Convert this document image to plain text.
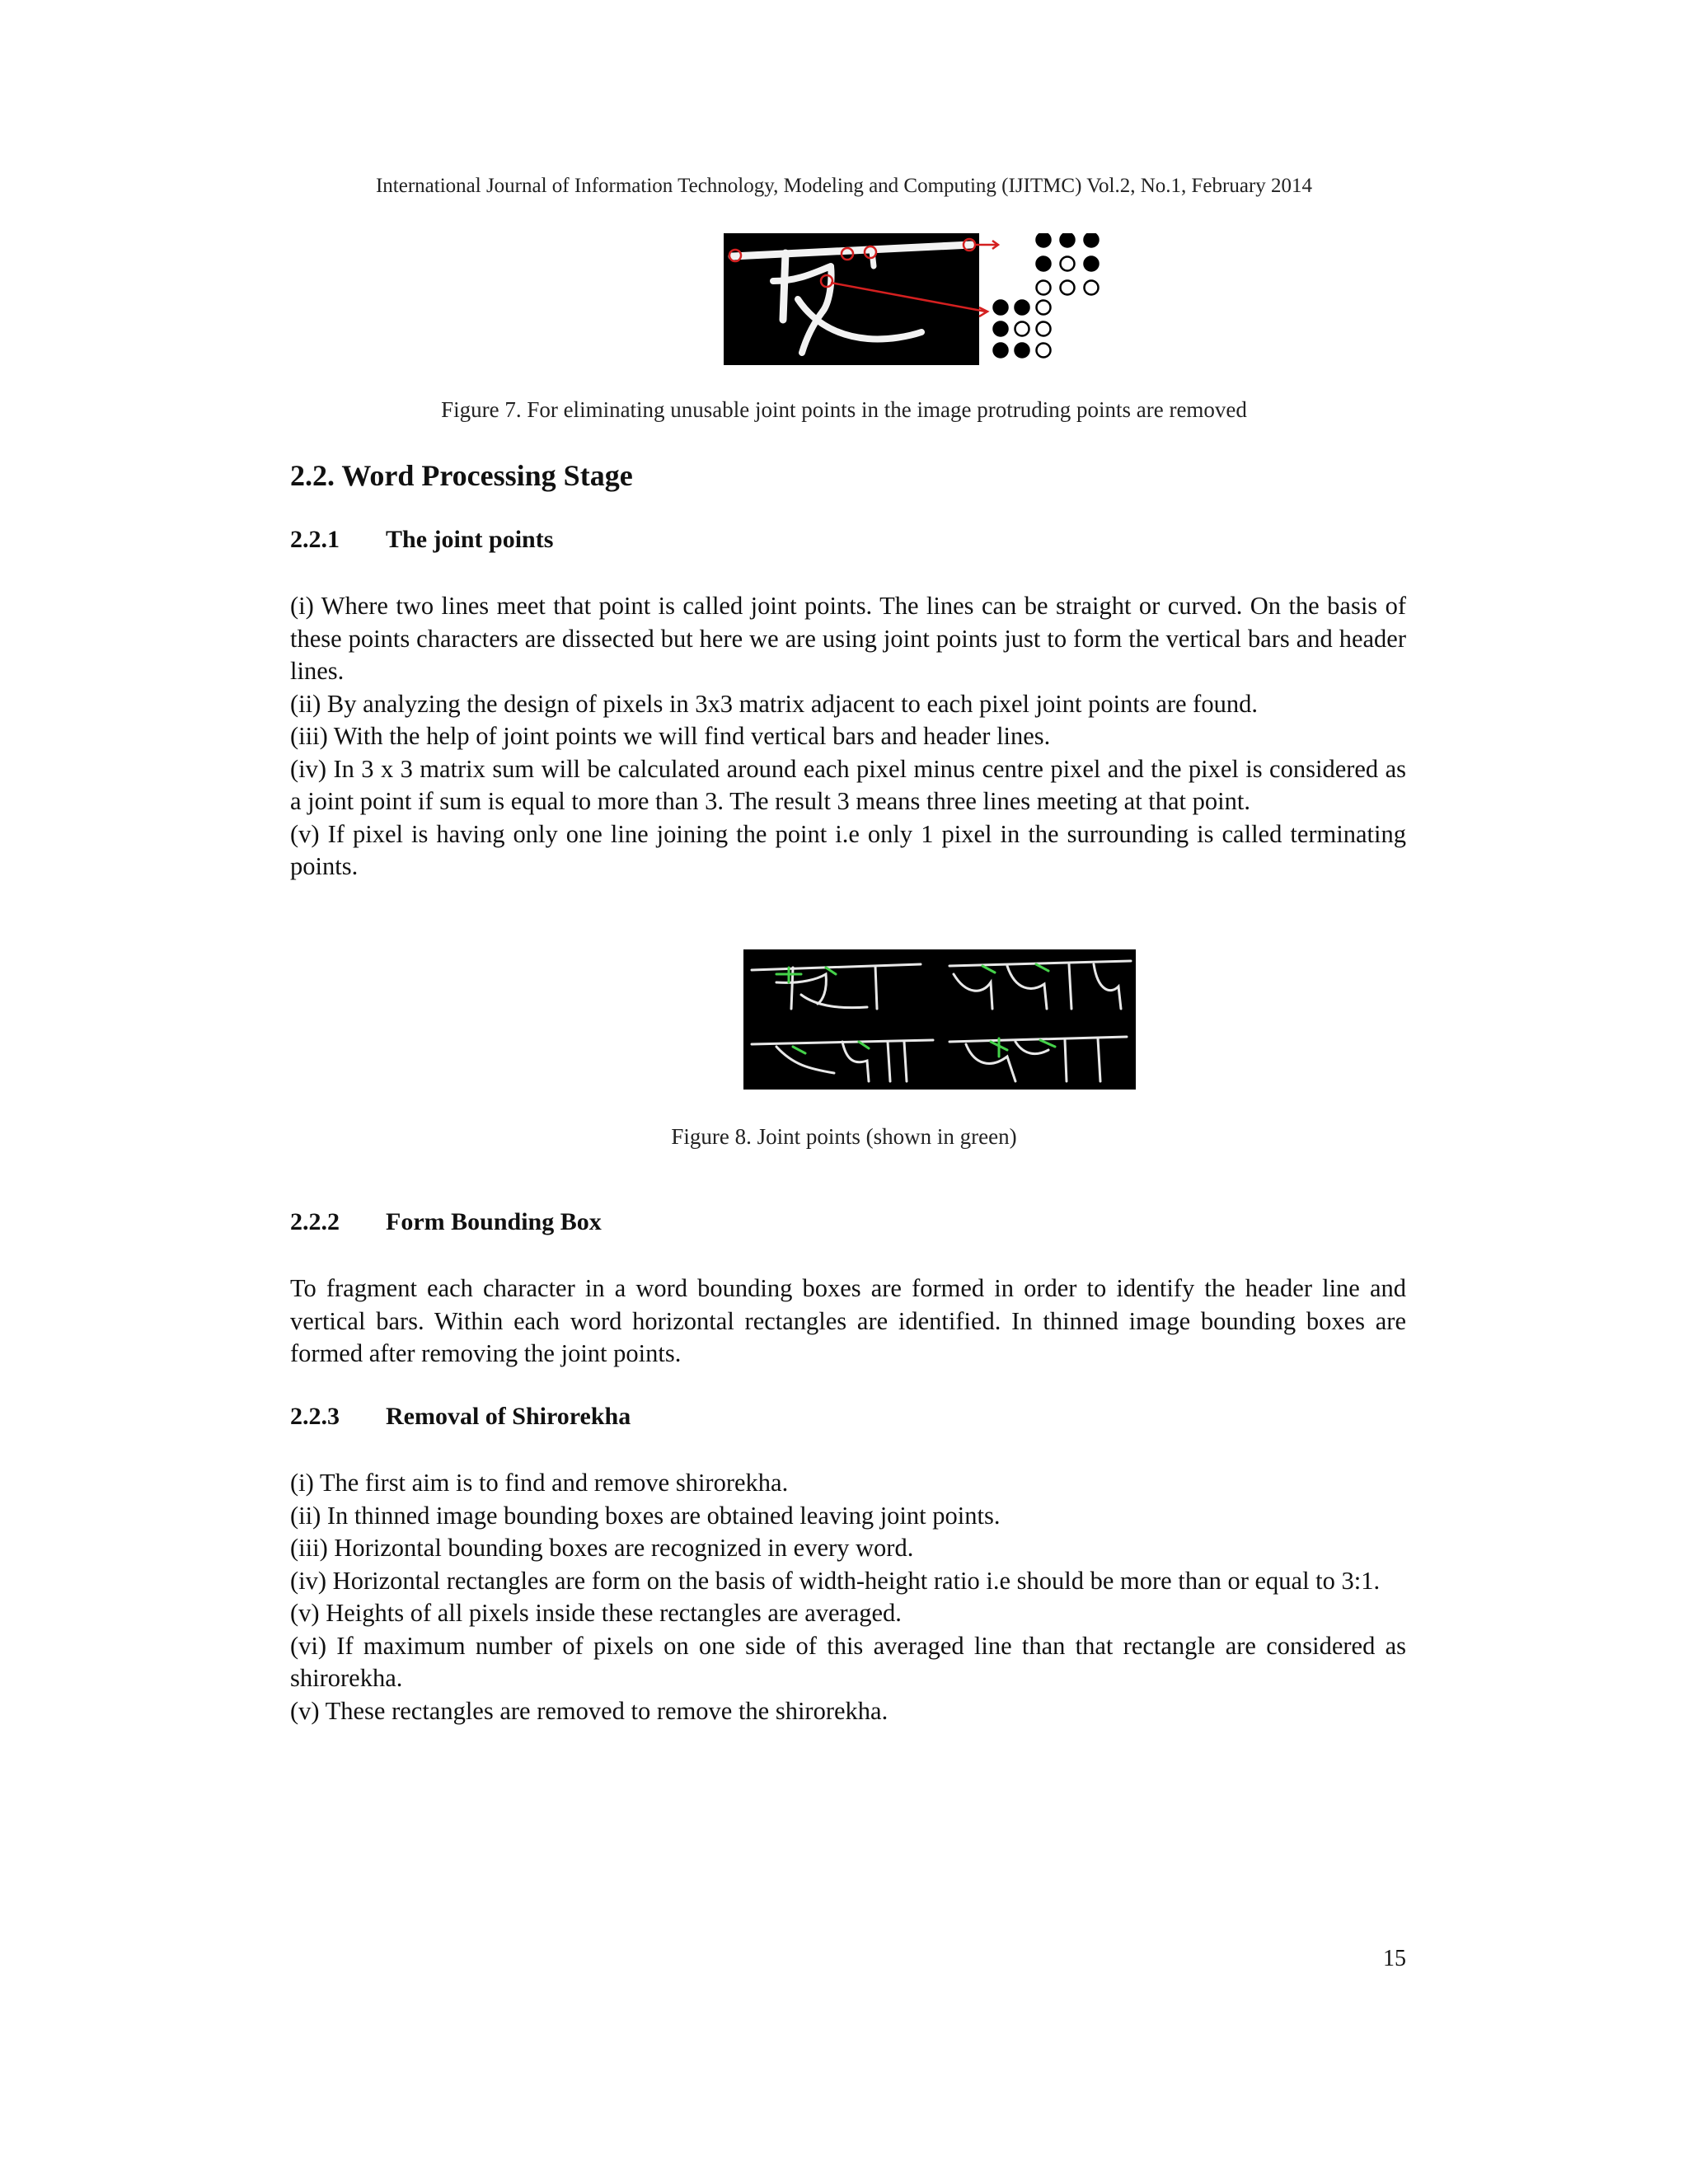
International Journal of Information Technology, Modeling and Computing (IJITMC) Vol.2, No.1, February 2014
Figure 7. For eliminating unusable joint points in the image protruding points are removed
2.2. Word Processing Stage
2.2.1 The joint points

(i) Where two lines meet that point is called joint points. The lines can be straight or curved. On the basis of these points characters are dissected but here we are using joint points just to form the vertical bars and header lines.

(ii) By analyzing the design of pixels in 3x3 matrix adjacent to each pixel joint points are found.

(iii) With the help of joint points we will find vertical bars and header lines.

(iv) In 3 x 3 matrix sum will be calculated around each pixel minus centre pixel and the pixel is considered as a joint point if sum is equal to more than 3. The result 3 means three lines meeting at that point.

(v) If pixel is having only one line joining the point i.e only 1 pixel in the surrounding is called terminating points.

Figure 8. Joint points (shown in green)
2.2.2 Form Bounding Box

To fragment each character in a word bounding boxes are formed in order to identify the header line and vertical bars. Within each word horizontal rectangles are identified. In thinned image bounding boxes are formed after removing the joint points.

2.2.3 Removal of Shirorekha

(i) The first aim is to find and remove shirorekha.

(ii) In thinned image bounding boxes are obtained leaving joint points.

(iii) Horizontal bounding boxes are recognized in every word.

(iv) Horizontal rectangles are form on the basis of width-height ratio i.e should be more than or equal to 3:1.

(v) Heights of all pixels inside these rectangles are averaged.

(vi) If maximum number of pixels on one side of this averaged line than that rectangle are considered as shirorekha.

(v) These rectangles are removed to remove the shirorekha.

15
